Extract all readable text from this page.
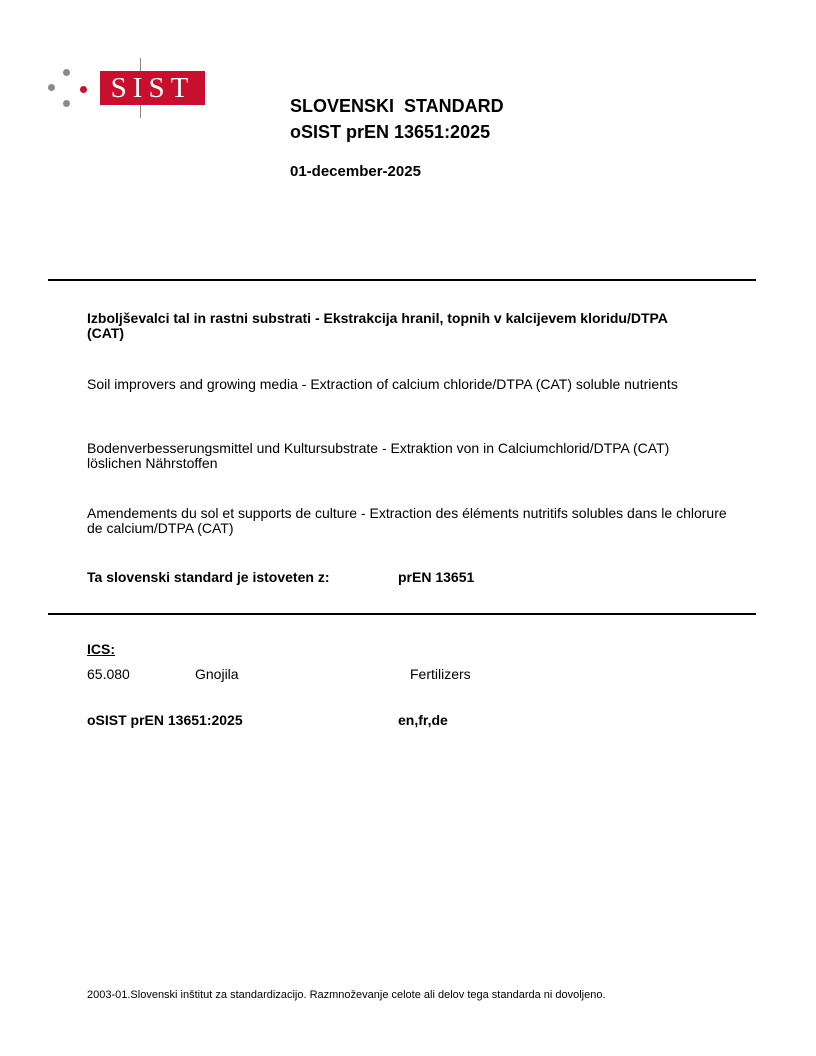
SIST
SLOVENSKI  STANDARD
oSIST prEN 13651:2025
01-december-2025
Izboljševalci tal in rastni substrati - Ekstrakcija hranil, topnih v kalcijevem kloridu/DTPA (CAT)
Soil improvers and growing media - Extraction of calcium chloride/DTPA (CAT) soluble nutrients
Bodenverbesserungsmittel und Kultursubstrate - Extraktion von in Calciumchlorid/DTPA (CAT) löslichen Nährstoffen
Amendements du sol et supports de culture - Extraction des éléments nutritifs solubles dans le chlorure de calcium/DTPA (CAT)
Ta slovenski standard je istoveten z:	prEN 13651
ICS:
65.080	Gnojila	Fertilizers
oSIST prEN 13651:2025	en,fr,de
2003-01.Slovenski inštitut za standardizacijo. Razmnoževanje celote ali delov tega standarda ni dovoljeno.
